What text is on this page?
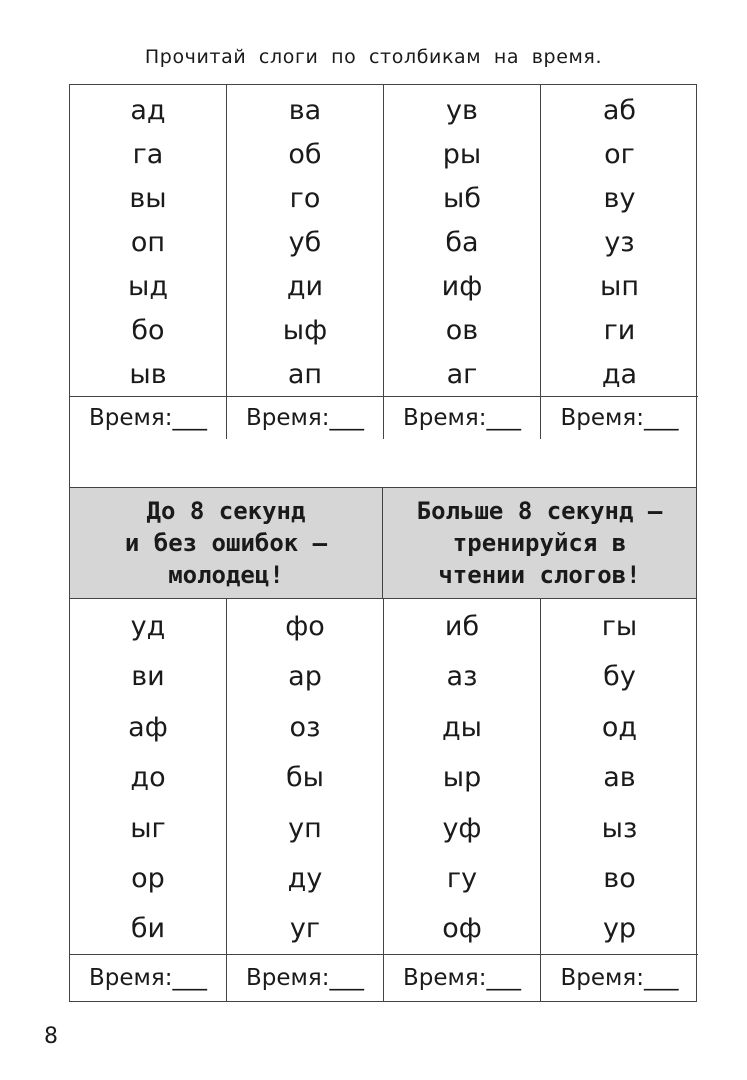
Прочитай слоги по столбикам на время.
ад
га
вы
оп
ыд
бо
ыв
Время:___
ва
об
го
уб
ди
ыф
ап
Время:___
ув
ры
ыб
ба
иф
ов
аг
Время:___
аб
ог
ву
уз
ып
ги
да
Время:___
До 8 секунд
и без ошибок –
молодец!
Больше 8 секунд –
тренируйся в
чтении слогов!
уд
ви
аф
до
ыг
ор
би
Время:___
фо
ар
оз
бы
уп
ду
уг
Время:___
иб
аз
ды
ыр
уф
гу
оф
Время:___
гы
бу
од
ав
ыз
во
ур
Время:___
8
